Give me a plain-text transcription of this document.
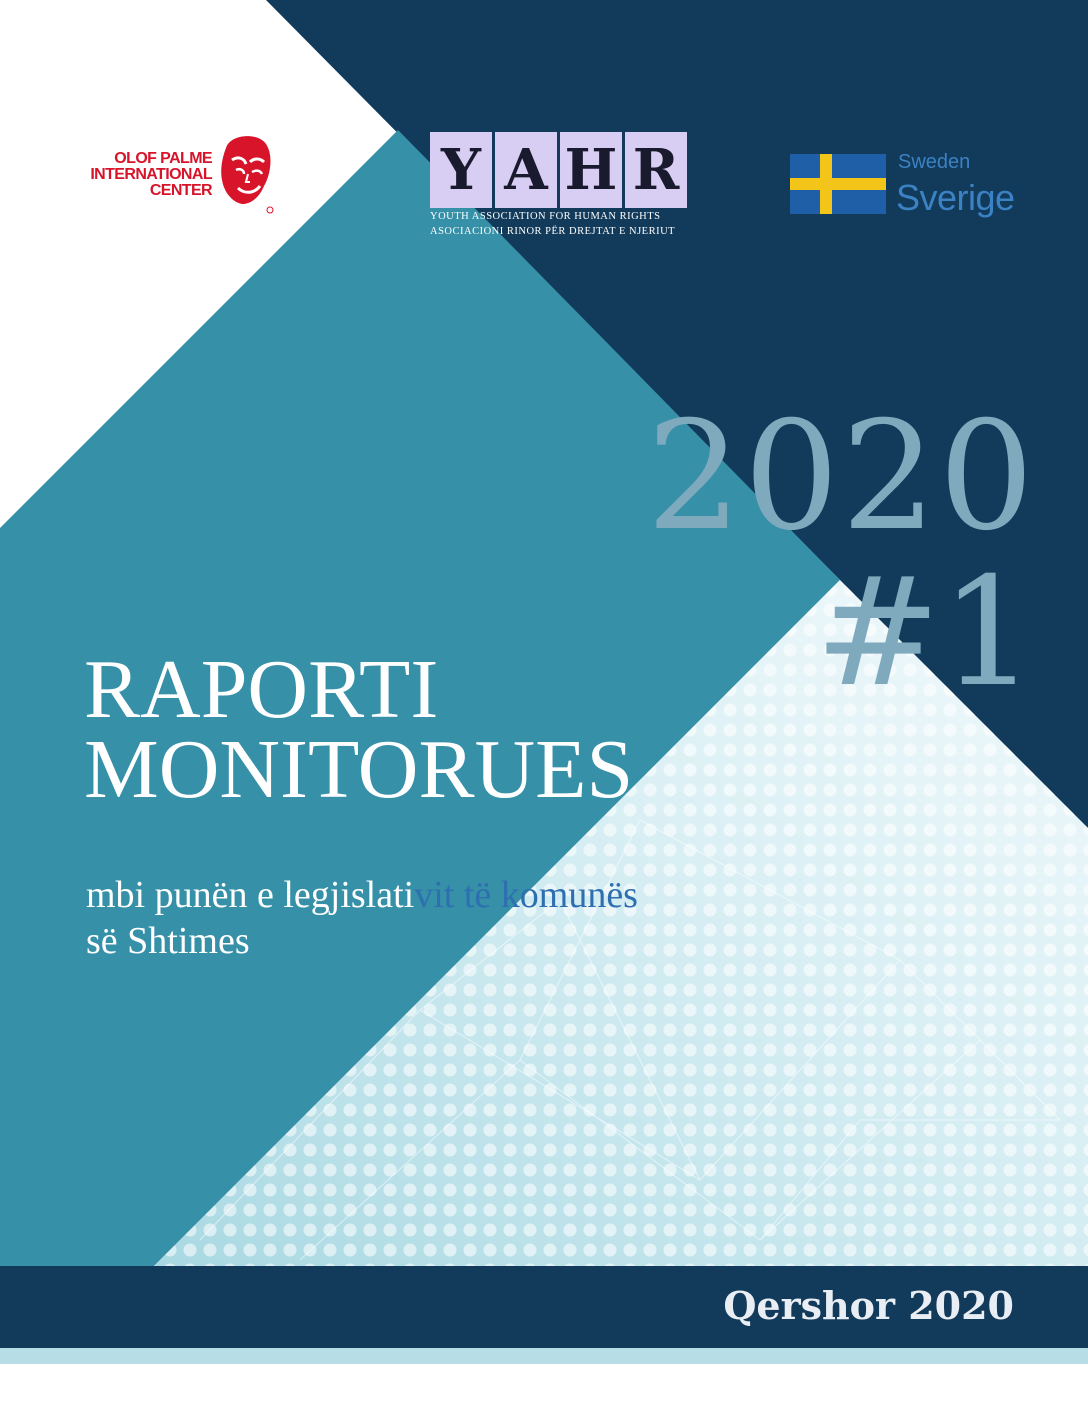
OLOF PALME
INTERNATIONAL
CENTER	Y A H R
YOUTH ASSOCIATION FOR HUMAN RIGHTS
ASOCIACIONI RINOR PËR DREJTAT E NJERIUT
Sweden
Sverige
2020
#1
RAPORTI
MONITORUES
mbi punën e legjislativit të komunës
së Shtimes
Qershor 2020
